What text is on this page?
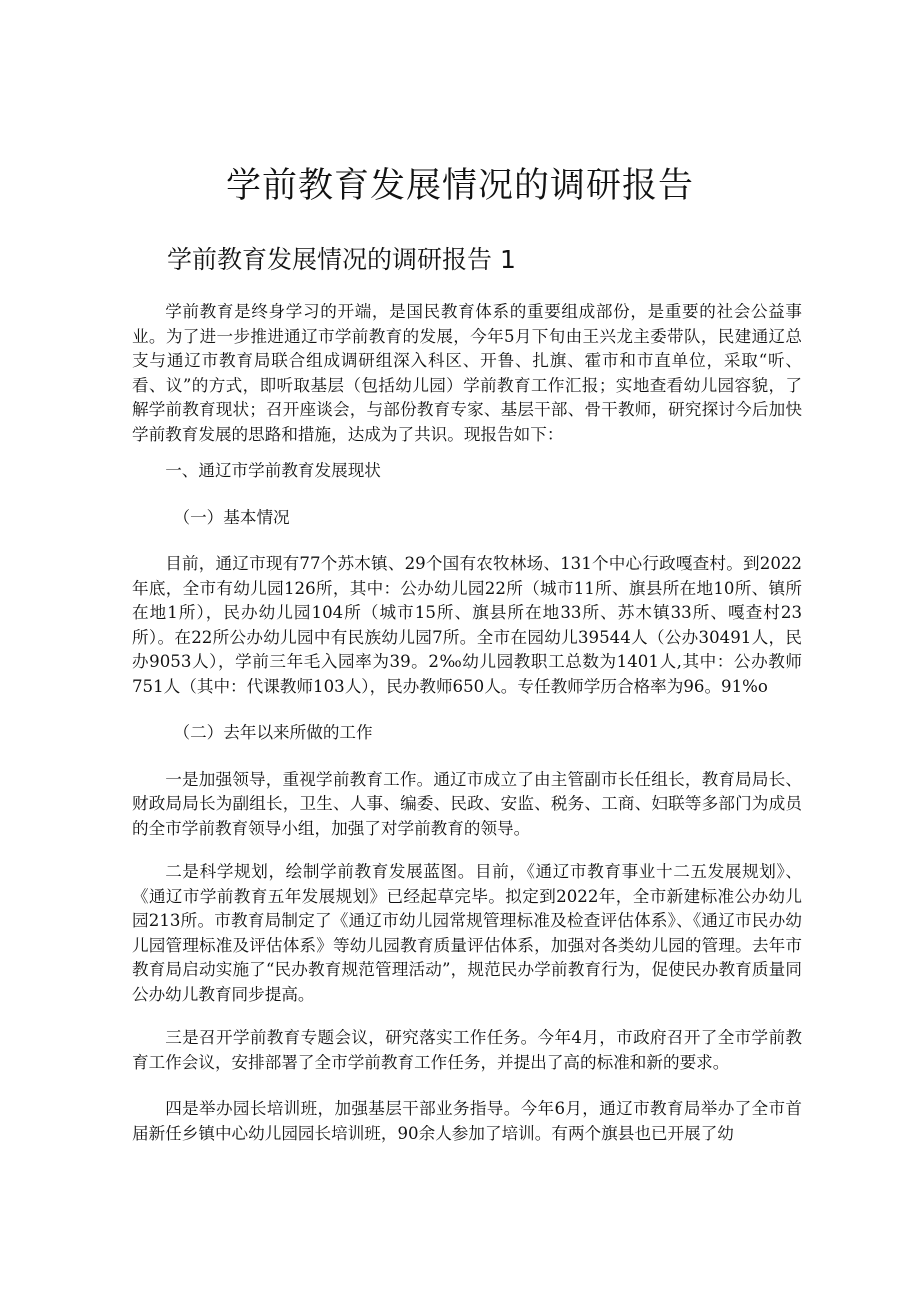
学前教育发展情况的调研报告
学前教育发展情况的调研报告 1

学前教育是终身学习的开端，是国民教育体系的重要组成部份，是重要的社会公益事业。为了进一步推进通辽市学前教育的发展，今年5月下旬由王兴龙主委带队，民建通辽总支与通辽市教育局联合组成调研组深入科区、开鲁、扎旗、霍市和市直单位，采取“听、看、议”的方式，即听取基层（包括幼儿园）学前教育工作汇报；实地查看幼儿园容貌，了解学前教育现状；召开座谈会，与部份教育专家、基层干部、骨干教师，研究探讨今后加快学前教育发展的思路和措施，达成为了共识。现报告如下：

一、通辽市学前教育发展现状

（一）基本情况

目前，通辽市现有77个苏木镇、29个国有农牧林场、131个中心行政嘎查村。到2022年底，全市有幼儿园126所，其中：公办幼儿园22所（城市11所、旗县所在地10所、镇所在地1所），民办幼儿园104所（城市15所、旗县所在地33所、苏木镇33所、嘎查村23所）。在22所公办幼儿园中有民族幼儿园7所。全市在园幼儿39544人（公办30491人，民办9053人），学前三年毛入园率为39。2‰幼儿园教职工总数为1401人,其中：公办教师751人（其中：代课教师103人），民办教师650人。专任教师学历合格率为96。91%o

（二）去年以来所做的工作

一是加强领导，重视学前教育工作。通辽市成立了由主管副市长任组长，教育局局长、财政局局长为副组长，卫生、人事、编委、民政、安监、税务、工商、妇联等多部门为成员的全市学前教育领导小组，加强了对学前教育的领导。

二是科学规划，绘制学前教育发展蓝图。目前，《通辽市教育事业十二五发展规划》、《通辽市学前教育五年发展规划》已经起草完毕。拟定到2022年，全市新建标准公办幼儿园213所。市教育局制定了《通辽市幼儿园常规管理标准及检查评估体系》、《通辽市民办幼儿园管理标准及评估体系》等幼儿园教育质量评估体系，加强对各类幼儿园的管理。去年市教育局启动实施了“民办教育规范管理活动”，规范民办学前教育行为，促使民办教育质量同公办幼儿教育同步提高。

三是召开学前教育专题会议，研究落实工作任务。今年4月，市政府召开了全市学前教育工作会议，安排部署了全市学前教育工作任务，并提出了高的标准和新的要求。

四是举办园长培训班，加强基层干部业务指导。今年6月，通辽市教育局举办了全市首届新任乡镇中心幼儿园园长培训班，90余人参加了培训。有两个旗县也已开展了幼
